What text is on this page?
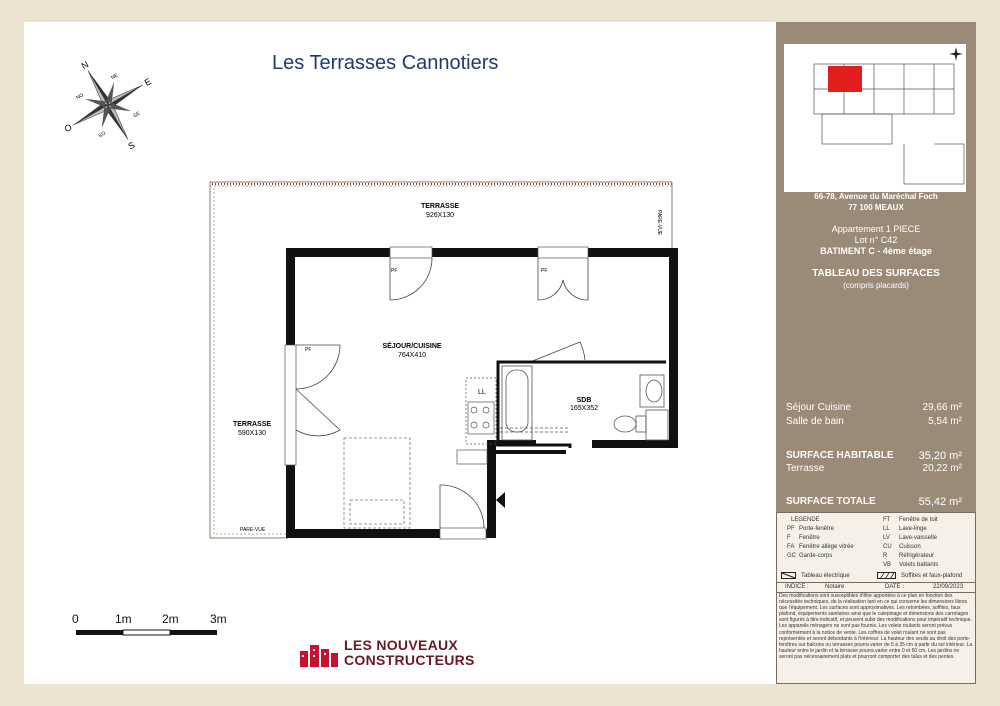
Les Terrasses Cannotiers
N
E
S
O
NO
NE
SE
SO
TERRASSE
926X130
TERRASSE
590X130
SÉJOUR/CUISINE
764X410
SDB
165X352
PF	PF
PF
LL
PARE-VUE
PARE-VUE
0	1m	2m	3m
LES NOUVEAUX
CONSTRUCTEURS
66-78, Avenue du Maréchal Foch
77 100 MEAUX
Appartement 1 PIECE
Lot n° C42
BATIMENT C - 4ème étage
TABLEAU DES SURFACES
(compris placards)
Séjour Cuisine	29,66 m²
Salle de bain	5,54 m²
SURFACE HABITABLE 35,20 m²
Terrasse	20,22 m²
SURFACE TOTALE	55,42 m²
LEGENDE
PF Porte-fenêtre
F Fenêtre
FA Fenêtre allège vitrée
GC Garde-corps
FT Fenêtre de toit
LL Lave-linge
LV Lave-vaisselle
CU Cuisson
R Réfrigérateur
VB Volets battants
Tableau électrique	Soffites et faux-plafond
INDICE :	Notaire	DATE :	22/09/2023
Des modifications sont susceptibles d'être apportées à ce plan en fonction des nécessités techniques, de la réalisation tant en ce qui concerne les dimensions libres que l'équipement. Les surfaces sont approximatives. Les retombées, soffites, faux plafond, équipements sanitaires ainsi que le calepinage et dimensions des carrelages sont figurés à titre indicatif, et peuvent subir des modifications pour impératif technique. Les appareils ménagers ne sont pas fournis. Les volets roulants seront prévus conformément à la notice de vente. Les coffres de volet roulant ne sont pas représentés et seront débordants à l'intérieur. La hauteur des seuils au droit des porte-fenêtres sur balcons ou terrasses pourra varier de 5 à 35 cm à partir du sol intérieur. La hauteur entre le jardin et la terrasse pourra varier entre 0 et 60 cm. Les jardins ne seront pas nécessairement plats et pourront comporter des talus et des pentes.
